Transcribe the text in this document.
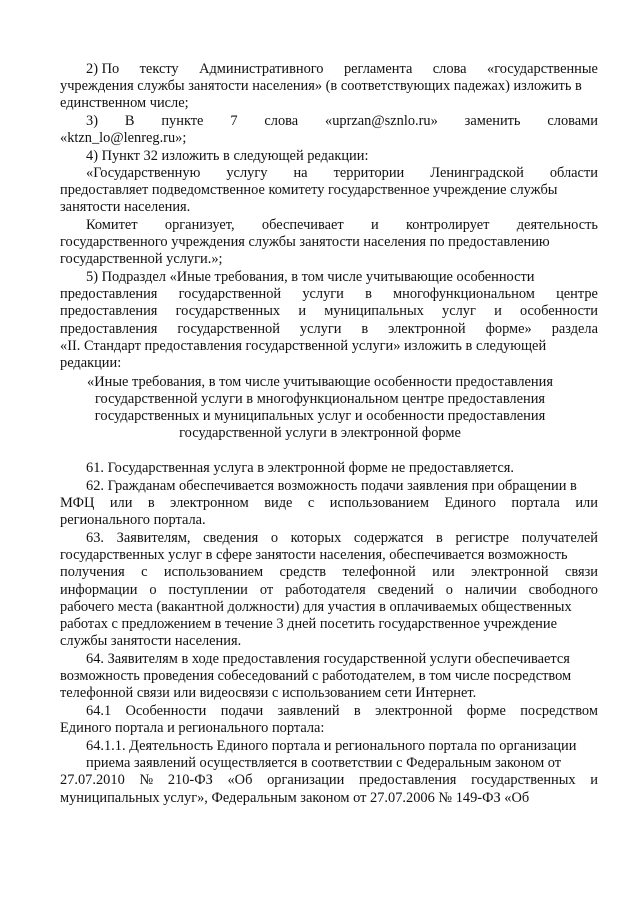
2) По тексту Административного регламента слова «государственные
учреждения службы занятости населения» (в соответствующих падежах) изложить в
единственном числе;
3) В пункте 7 слова «uprzan@sznlo.ru» заменить словами
«ktzn_lo@lenreg.ru»;
4) Пункт 32 изложить в следующей редакции:
«Государственную услугу на территории Ленинградской области
предоставляет подведомственное комитету государственное учреждение службы
занятости населения.
Комитет организует, обеспечивает и контролирует деятельность
государственного учреждения службы занятости населения по предоставлению
государственной услуги.»;
5) Подраздел «Иные требования, в том числе учитывающие особенности
предоставления государственной услуги в многофункциональном центре
предоставления государственных и муниципальных услуг и особенности
предоставления государственной услуги в электронной форме» раздела
«II. Стандарт предоставления государственной услуги» изложить в следующей
редакции:
«Иные требования, в том числе учитывающие особенности предоставления
государственной услуги в многофункциональном центре предоставления
государственных и муниципальных услуг и особенности предоставления
государственной услуги в электронной форме
61. Государственная услуга в электронной форме не предоставляется.
62. Гражданам обеспечивается возможность подачи заявления при обращении в
МФЦ или в электронном виде с использованием Единого портала или
регионального портала.
63. Заявителям, сведения о которых содержатся в регистре получателей
государственных услуг в сфере занятости населения, обеспечивается возможность
получения с использованием средств телефонной или электронной связи
информации о поступлении от работодателя сведений о наличии свободного
рабочего места (вакантной должности) для участия в оплачиваемых общественных
работах с предложением в течение 3 дней посетить государственное учреждение
службы занятости населения.
64. Заявителям в ходе предоставления государственной услуги обеспечивается
возможность проведения собеседований с работодателем, в том числе посредством
телефонной связи или видеосвязи с использованием сети Интернет.
64.1 Особенности подачи заявлений в электронной форме посредством
Единого портала и регионального портала:
64.1.1. Деятельность Единого портала и регионального портала по организации
приема заявлений осуществляется в соответствии с Федеральным законом от
27.07.2010 № 210-ФЗ «Об организации предоставления государственных и
муниципальных услуг», Федеральным законом от 27.07.2006 № 149-ФЗ «Об
